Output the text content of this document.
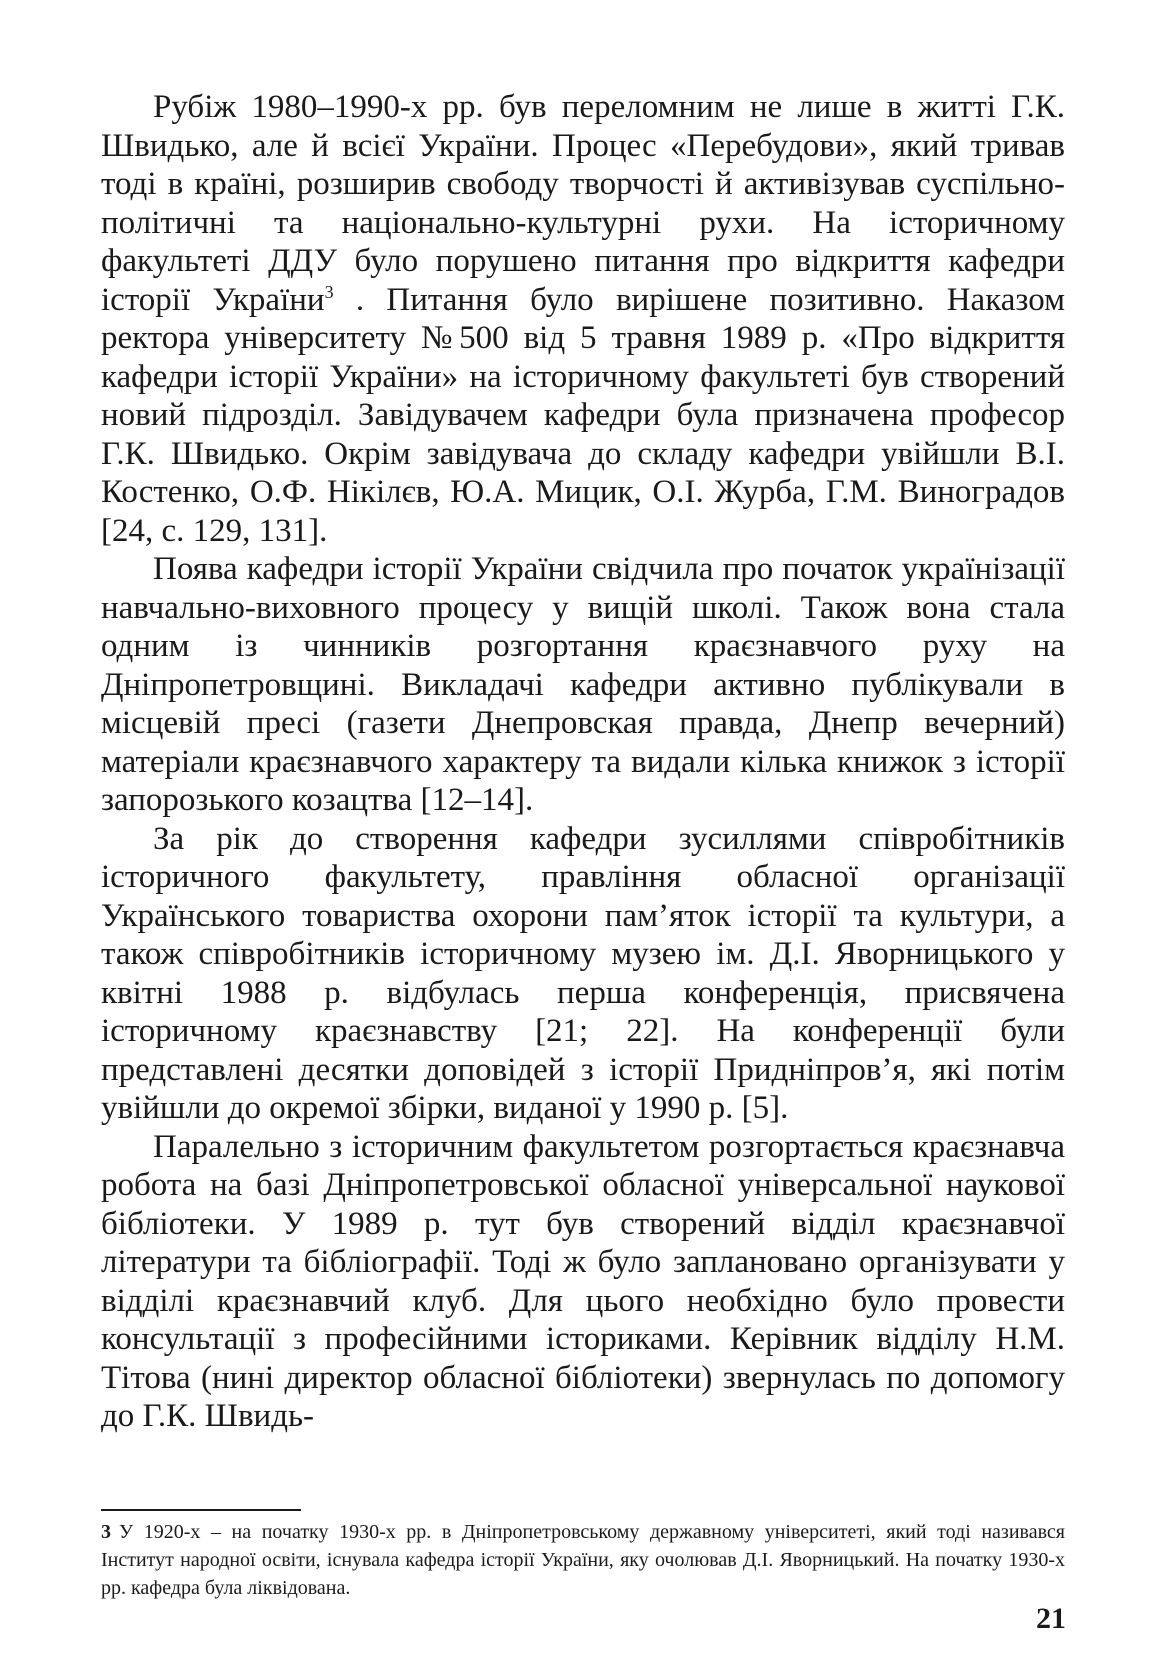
Рубіж 1980–1990-х рр. був переломним не лише в житті Г.К. Швидько, але й всієї України. Процес «Перебудови», який тривав тоді в країні, розширив свободу творчості й активізував суспільно-політичні та національно-культурні рухи. На історичному факультеті ДДУ було порушено питання про відкриття кафедри історії України$^3$ . Питання було вирішене позитивно. Наказом ректора університету №500 від 5 травня 1989 р. «Про відкриття кафедри історії України» на історичному факультеті був створений новий підрозділ. Завідувачем кафедри була призначена професор Г.К. Швидько. Окрім завідувача до складу кафедри увійшли В.І. Костенко, О.Ф. Нікілєв, Ю.А. Мицик, О.І. Журба, Г.М. Виноградов [24, с. 129, 131].

Поява кафедри історії України свідчила про початок українізації навчально-виховного процесу у вищій школі. Також вона стала одним із чинників розгортання краєзнавчого руху на Дніпропетровщині. Викладачі кафедри активно публікували в місцевій пресі (газети Днепровская правда, Днепр вечерний) матеріали краєзнавчого характеру та видали кілька книжок з історії запорозького козацтва [12–14].

За рік до створення кафедри зусиллями співробітників історичного факультету, правління обласної організації Українського товариства охорони пам’яток історії та культури, а також співробітників історичному музею ім. Д.І. Яворницького у квітні 1988 р. відбулась перша конференція, присвячена історичному краєзнавству [21; 22]. На конференції були представлені десятки доповідей з історії Придніпров’я, які потім увійшли до окремої збірки, виданої у 1990 р. [5].

Паралельно з історичним факультетом розгортається краєзнавча робота на базі Дніпропетровської обласної універсальної наукової бібліотеки. У 1989 р. тут був створений відділ краєзнавчої літератури та бібліографії. Тоді ж було заплановано організувати у відділі краєзнавчий клуб. Для цього необхідно було провести консультації з професійними істориками. Керівник відділу Н.М. Тітова (нині директор обласної бібліотеки) звернулась по допомогу до Г.К. Швидь-

3 У 1920-х – на початку 1930-х рр. в Дніпропетровському державному університеті, який тоді називався Інститут народної освіти, існувала кафедра історії України, яку очолював Д.І. Яворницький. На початку 1930-х рр. кафедра була ліквідована.

21
